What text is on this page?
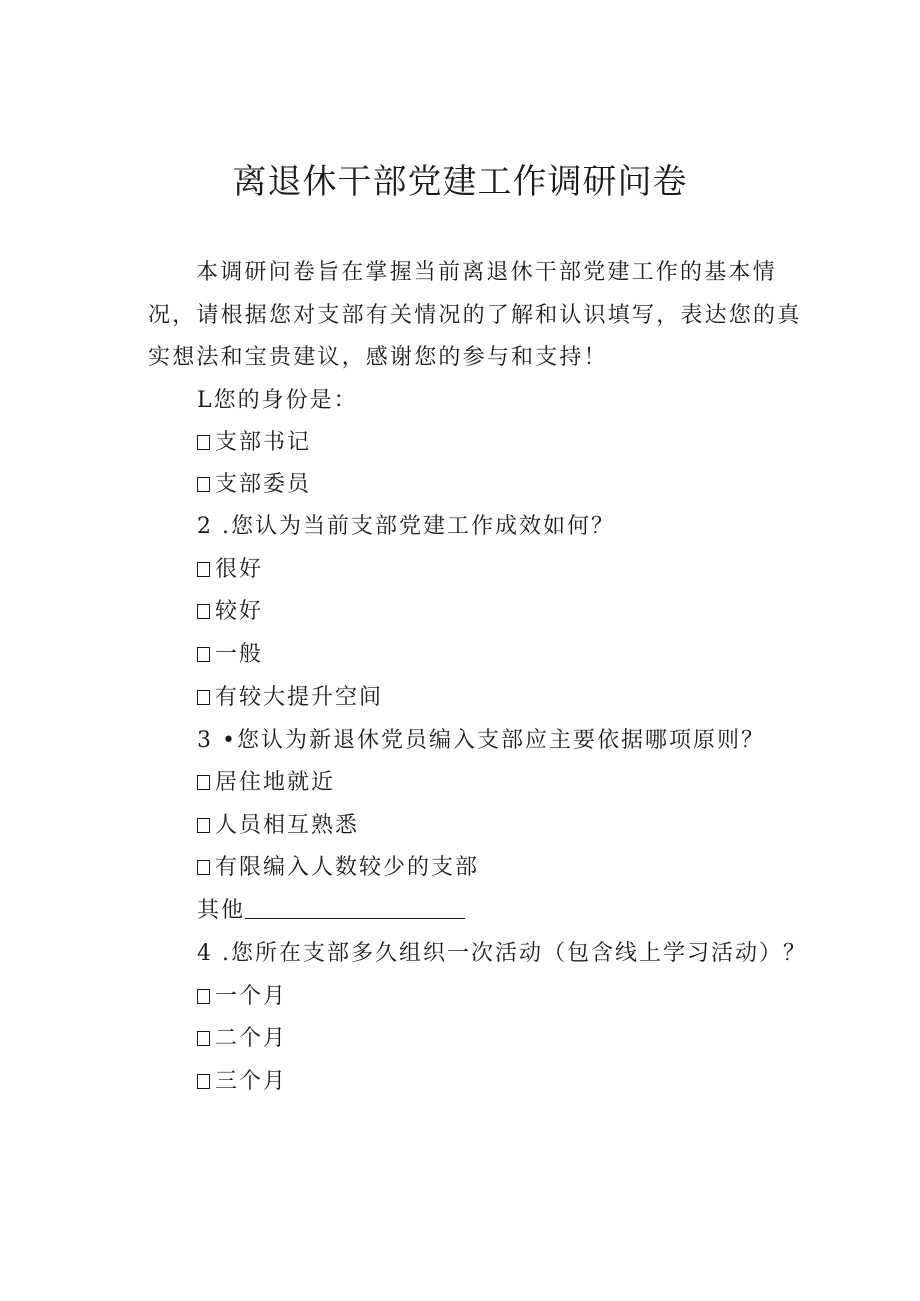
离退休干部党建工作调研问卷

本调研问卷旨在掌握当前离退休干部党建工作的基本情况，请根据您对支部有关情况的了解和认识填写，表达您的真实想法和宝贵建议，感谢您的参与和支持！

L您的身份是：
支部书记
支部委员
2 .您认为当前支部党建工作成效如何？
很好
较好
一般
有较大提升空间
3 •您认为新退休党员编入支部应主要依据哪项原则？
居住地就近
人员相互熟悉
有限编入人数较少的支部
其他
4 .您所在支部多久组织一次活动（包含线上学习活动）？
一个月
二个月
三个月
